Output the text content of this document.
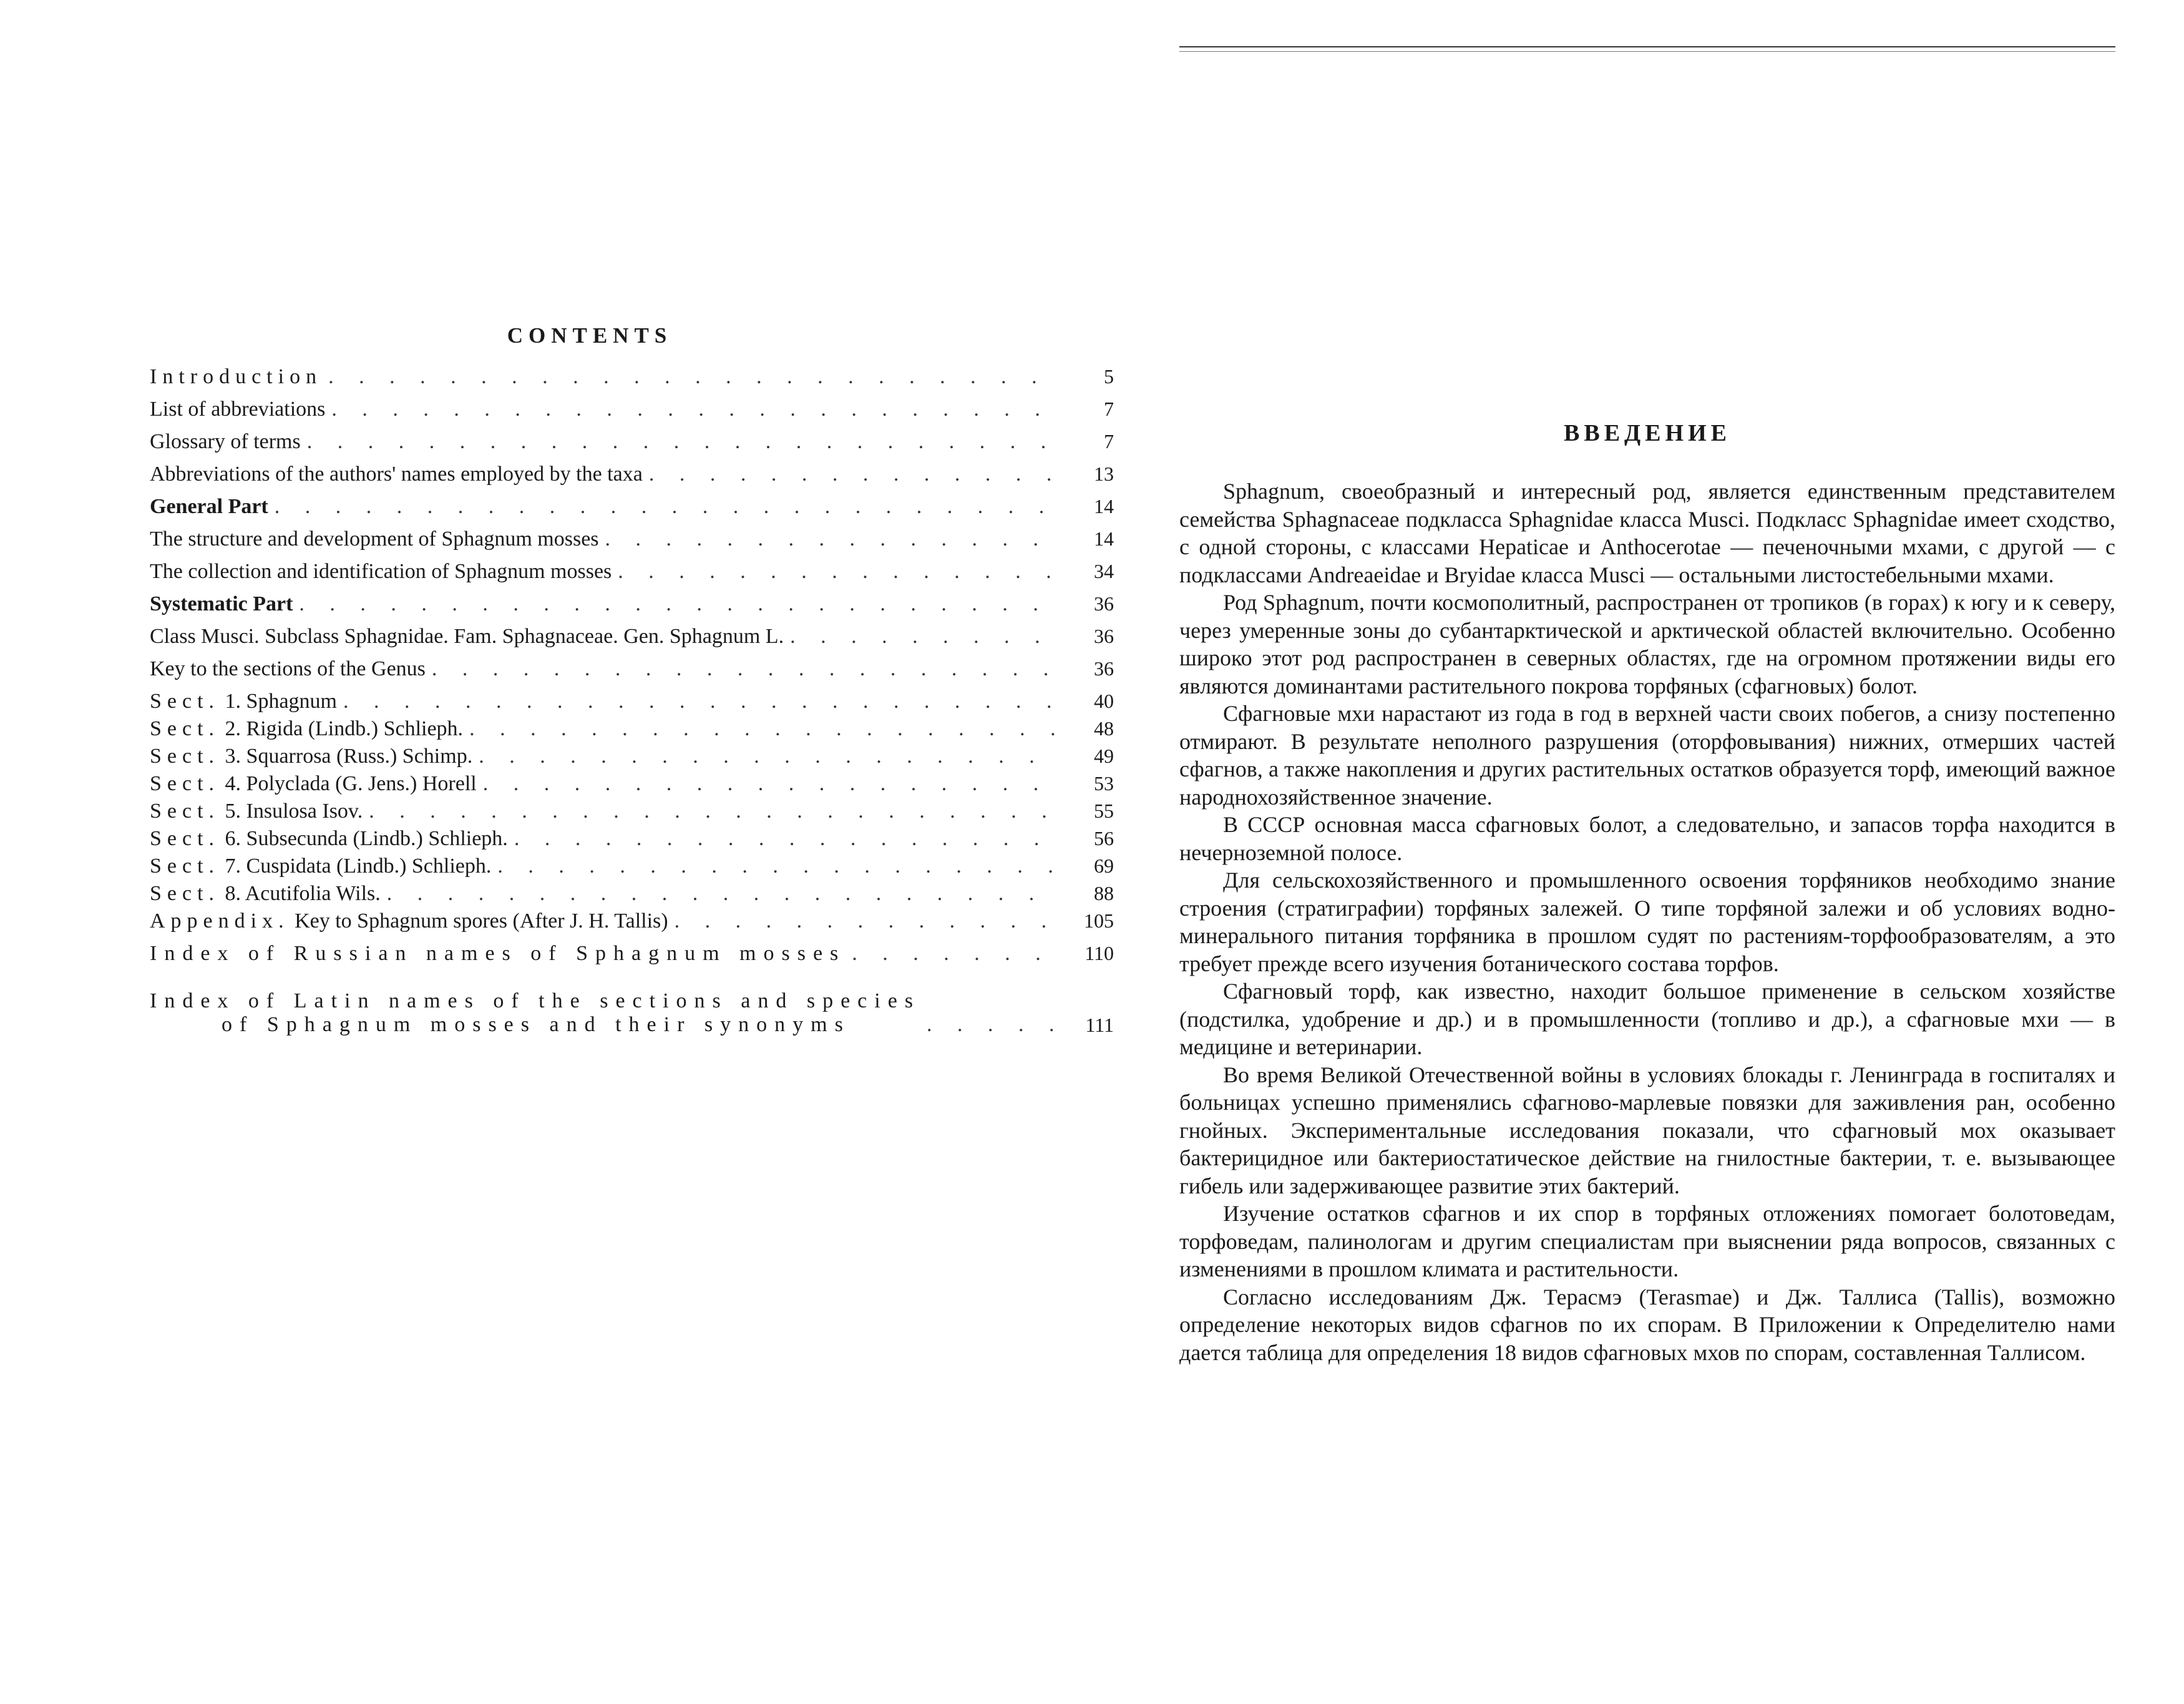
CONTENTS
Introduction . . .	5
List of abbreviations . . .	7
Glossary of terms . . .	7
Abbreviations of the authors' names employed by the taxa . . .	13
General Part . . .	14
The structure and development of Sphagnum mosses . . .	14
The collection and identification of Sphagnum mosses . . .	34
Systematic Part . . .	36
Class Musci. Subclass Sphagnidae. Fam. Sphagnaceae. Gen. Sphagnum L. . . .	36
Key to the sections of the Genus . . .	36
Sect. 1. Sphagnum . . .	40
Sect. 2. Rigida (Lindb.) Schlieph. . . .	48
Sect. 3. Squarrosa (Russ.) Schimp. . . .	49
Sect. 4. Polyclada (G. Jens.) Horell . . .	53
Sect. 5. Insulosa Isov. . . .	55
Sect. 6. Subsecunda (Lindb.) Schlieph. . . .	56
Sect. 7. Cuspidata (Lindb.) Schlieph. . . .	69
Sect. 8. Acutifolia Wils. . . .	88
Appendix. Key to Sphagnum spores (After J. H. Tallis) . . .	105
Index of Russian names of Sphagnum mosses . . .	110
Index of Latin names of the sections and species
of Sphagnum mosses and their synonyms . . .	111
ВВЕДЕНИЕ

Sphagnum, своеобразный и интересный род, является единственным представителем семейства Sphagnaceae подкласса Sphagnidae класса Musci. Подкласс Sphagnidae имеет сходство, с одной стороны, с классами Hepaticae и Anthocerotae — печеночными мхами, с другой — с подклассами Andreaeidae и Bryidae класса Musci — остальными листостебельными мхами.

Род Sphagnum, почти космополитный, распространен от тропиков (в горах) к югу и к северу, через умеренные зоны до субантарктической и арктической областей включительно. Особенно широко этот род распространен в северных областях, где на огромном протяжении виды его являются доминантами растительного покрова торфяных (сфагновых) болот.

Сфагновые мхи нарастают из года в год в верхней части своих побегов, а снизу постепенно отмирают. В результате неполного разрушения (оторфовывания) нижних, отмерших частей сфагнов, а также накопления и других растительных остатков образуется торф, имеющий важное народнохозяйственное значение.

В СССР основная масса сфагновых болот, а следовательно, и запасов торфа находится в нечерноземной полосе.

Для сельскохозяйственного и промышленного освоения торфяников необходимо знание строения (стратиграфии) торфяных залежей. О типе торфяной залежи и об условиях водно-минерального питания торфяника в прошлом судят по растениям-торфообразователям, а это требует прежде всего изучения ботанического состава торфов.

Сфагновый торф, как известно, находит большое применение в сельском хозяйстве (подстилка, удобрение и др.) и в промышленности (топливо и др.), а сфагновые мхи — в медицине и ветеринарии.

Во время Великой Отечественной войны в условиях блокады г. Ленинграда в госпиталях и больницах успешно применялись сфагново-марлевые повязки для заживления ран, особенно гнойных. Экспериментальные исследования показали, что сфагновый мох оказывает бактерицидное или бактериостатическое действие на гнилостные бактерии, т. е. вызывающее гибель или задерживающее развитие этих бактерий.

Изучение остатков сфагнов и их спор в торфяных отложениях помогает болотоведам, торфоведам, палинологам и другим специалистам при выяснении ряда вопросов, связанных с изменениями в прошлом климата и растительности.

Согласно исследованиям Дж. Терасмэ (Terasmae) и Дж. Таллиса (Tallis), возможно определение некоторых видов сфагнов по их спорам. В Приложении к Определителю нами дается таблица для определения 18 видов сфагновых мхов по спорам, составленная Таллисом.
